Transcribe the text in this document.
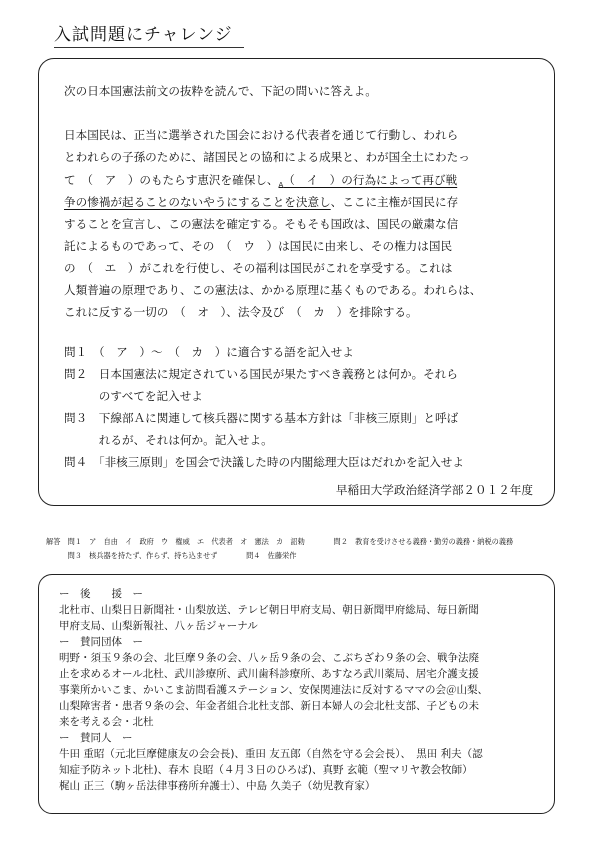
入試問題にチャレンジ
次の日本国憲法前文の抜粋を読んで、下記の問いに答えよ。
日本国民は、正当に選挙された国会における代表者を通じて行動し、われら
とわれらの子孫のために、諸国民との協和による成果と、わが国全土にわたっ
て　（　ア　）のもたらす恵沢を確保し、$_A$（　イ　）の行為によって再び戦
争の惨禍が起ることのないやうにすることを決意し、ここに主権が国民に存
することを宣言し、この憲法を確定する。そもそも国政は、国民の厳粛な信
託によるものであって、その　（　ウ　）は国民に由来し、その権力は国民
の　（　エ　）がこれを行使し、その福利は国民がこれを享受する。これは
人類普遍の原理であり、この憲法は、かかる原理に基くものである。われらは、
これに反する一切の　（　オ　）、法令及び　（　カ　）を排除する。
問１　（　ア　）～　（　カ　）に適合する語を記入せよ
問２　日本国憲法に規定されている国民が果たすべき義務とは何か。それら
　　　のすべてを記入せよ
問３　下線部Ａに関連して核兵器に関する基本方針は「非核三原則」と呼ば
　　　れるが、それは何か。記入せよ。
問４　「非核三原則」を国会で決議した時の内閣総理大臣はだれかを記入せよ
早稲田大学政治経済学部２０１２年度
解答　問１　ア　自由　イ　政府　ウ　権威　エ　代表者　オ　憲法　カ　詔勅　　　　問２　教育を受けさせる義務・勤労の義務・納税の義務
　　　問３　核兵器を持たず、作らず、持ち込ませず　　　　問４　佐藤栄作
ー　後　　援　ー
北杜市、山梨日日新聞社・山梨放送、テレビ朝日甲府支局、朝日新聞甲府総局、毎日新聞
甲府支局、山梨新報社、八ヶ岳ジャーナル
ー　賛同団体　ー
明野・須玉９条の会、北巨摩９条の会、八ヶ岳９条の会、こぶちざわ９条の会、戦争法廃
止を求めるオール北杜、武川診療所、武川歯科診療所、あすなろ武川薬局、居宅介護支援
事業所かいこま、かいこま訪問看護ステーション、安保関連法に反対するママの会＠山梨、
山梨障害者・患者９条の会、年金者組合北杜支部、新日本婦人の会北杜支部、子どもの未
来を考える会・北杜
ー　賛同人　ー
牛田 重昭（元北巨摩健康友の会会長)、重田 友五郎（自然を守る会会長）、　黒田 利夫（認
知症予防ネット北杜)、春木 良昭（４月３日のひろば)、真野 玄範（聖マリヤ教会牧師）
梶山 正三（駒ヶ岳法律事務所弁護士）、中島 久美子（幼児教育家）
